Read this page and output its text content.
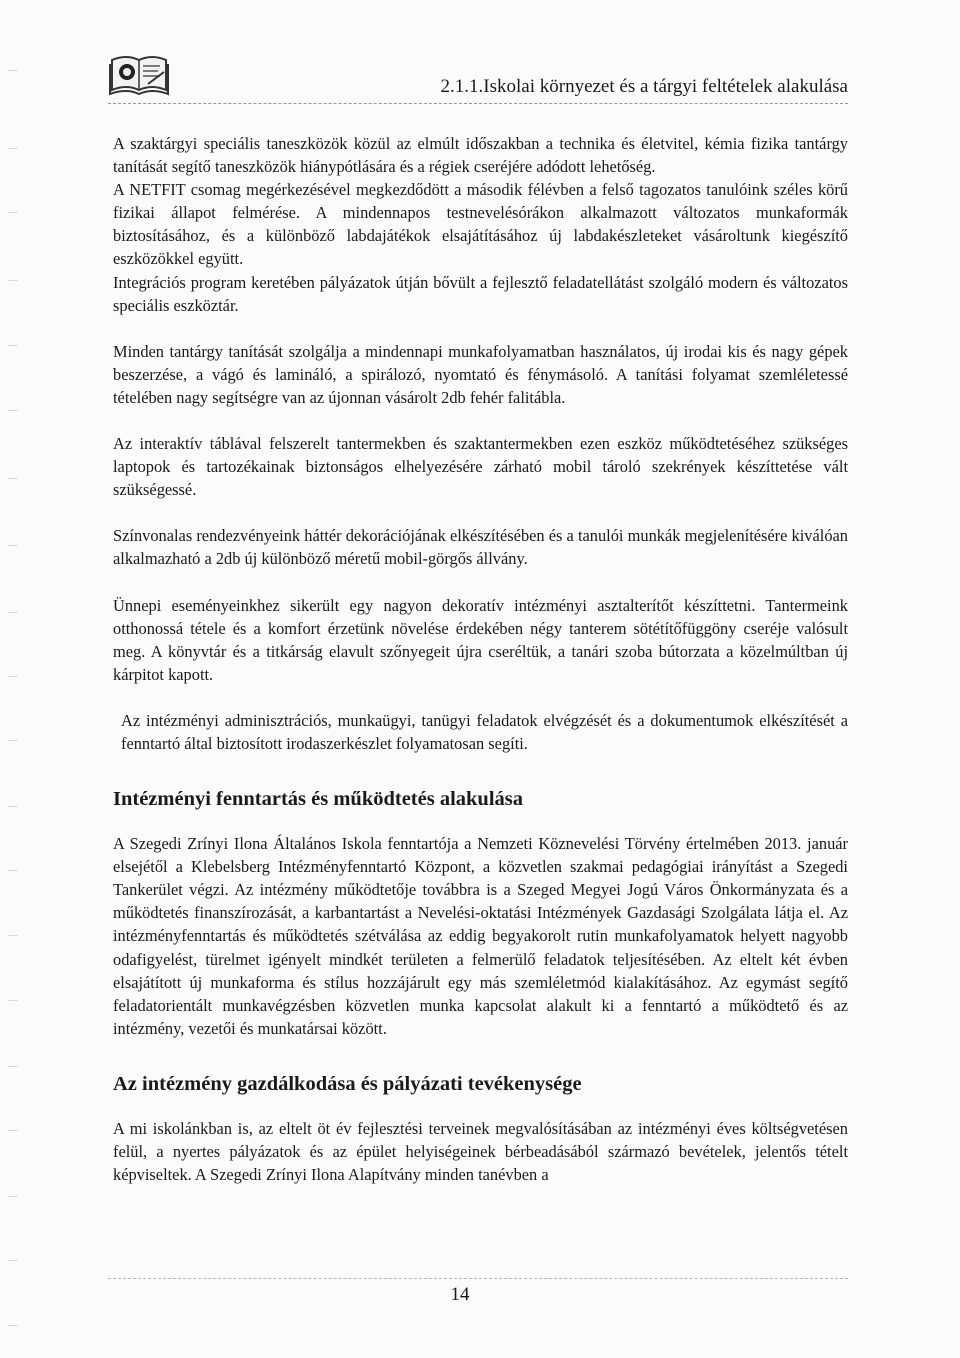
2.1.1.Iskolai környezet és a tárgyi feltételek alakulása

A szaktárgyi speciális taneszközök közül az elmúlt időszakban a technika és életvitel, kémia fizika tantárgy tanítását segítő taneszközök hiánypótlására és a régiek cseréjére adódott lehetőség.

A NETFIT csomag megérkezésével megkezdődött a második félévben a felső tagozatos tanulóink széles körű fizikai állapot felmérése. A mindennapos testnevelésórákon alkalmazott változatos munkaformák biztosításához, és a különböző labdajátékok elsajátításához új labdakészleteket vásároltunk kiegészítő eszközökkel együtt.

Integrációs program keretében pályázatok útján bővült a fejlesztő feladatellátást szolgáló modern és változatos speciális eszköztár.

Minden tantárgy tanítását szolgálja a mindennapi munkafolyamatban használatos, új irodai kis és nagy gépek beszerzése, a vágó és lamináló, a spirálozó, nyomtató és fénymásoló. A tanítási folyamat szemléletessé tételében nagy segítségre van az újonnan vásárolt 2db fehér falitábla.

Az interaktív táblával felszerelt tantermekben és szaktantermekben ezen eszköz működtetéséhez szükséges laptopok és tartozékainak biztonságos elhelyezésére zárható mobil tároló szekrények készíttetése vált szükségessé.

Színvonalas rendezvényeink háttér dekorációjának elkészítésében és a tanulói munkák megjelenítésére kiválóan alkalmazható a 2db új különböző méretű mobil-görgős állvány.

Ünnepi eseményeinkhez sikerült egy nagyon dekoratív intézményi asztalterítőt készíttetni. Tantermeink otthonossá tétele és a komfort érzetünk növelése érdekében négy tanterem sötétítőfüggöny cseréje valósult meg. A könyvtár és a titkárság elavult szőnyegeit újra cseréltük, a tanári szoba bútorzata a közelmúltban új kárpitot kapott.

Az intézményi adminisztrációs, munkaügyi, tanügyi feladatok elvégzését és a dokumentumok elkészítését a fenntartó által biztosított irodaszerkészlet folyamatosan segíti.

Intézményi fenntartás és működtetés alakulása

A Szegedi Zrínyi Ilona Általános Iskola fenntartója a Nemzeti Köznevelési Törvény értelmében 2013. január elsejétől a Klebelsberg Intézményfenntartó Központ, a közvetlen szakmai pedagógiai irányítást a Szegedi Tankerület végzi. Az intézmény működtetője továbbra is a Szeged Megyei Jogú Város Önkormányzata és a működtetés finanszírozását, a karbantartást a Nevelési-oktatási Intézmények Gazdasági Szolgálata látja el. Az intézményfenntartás és működtetés szétválása az eddig begyakorolt rutin munkafolyamatok helyett nagyobb odafigyelést, türelmet igényelt mindkét területen a felmerülő feladatok teljesítésében. Az eltelt két évben elsajátított új munkaforma és stílus hozzájárult egy más szemléletmód kialakításához. Az egymást segítő feladatorientált munkavégzésben közvetlen munka kapcsolat alakult ki a fenntartó a működtető és az intézmény, vezetői és munkatársai között.

Az intézmény gazdálkodása és pályázati tevékenysége

A mi iskolánkban is, az eltelt öt év fejlesztési terveinek megvalósításában az intézményi éves költségvetésen felül, a nyertes pályázatok és az épület helyiségeinek bérbeadásából származó bevételek, jelentős tételt képviseltek. A Szegedi Zrínyi Ilona Alapítvány minden tanévben a

14
